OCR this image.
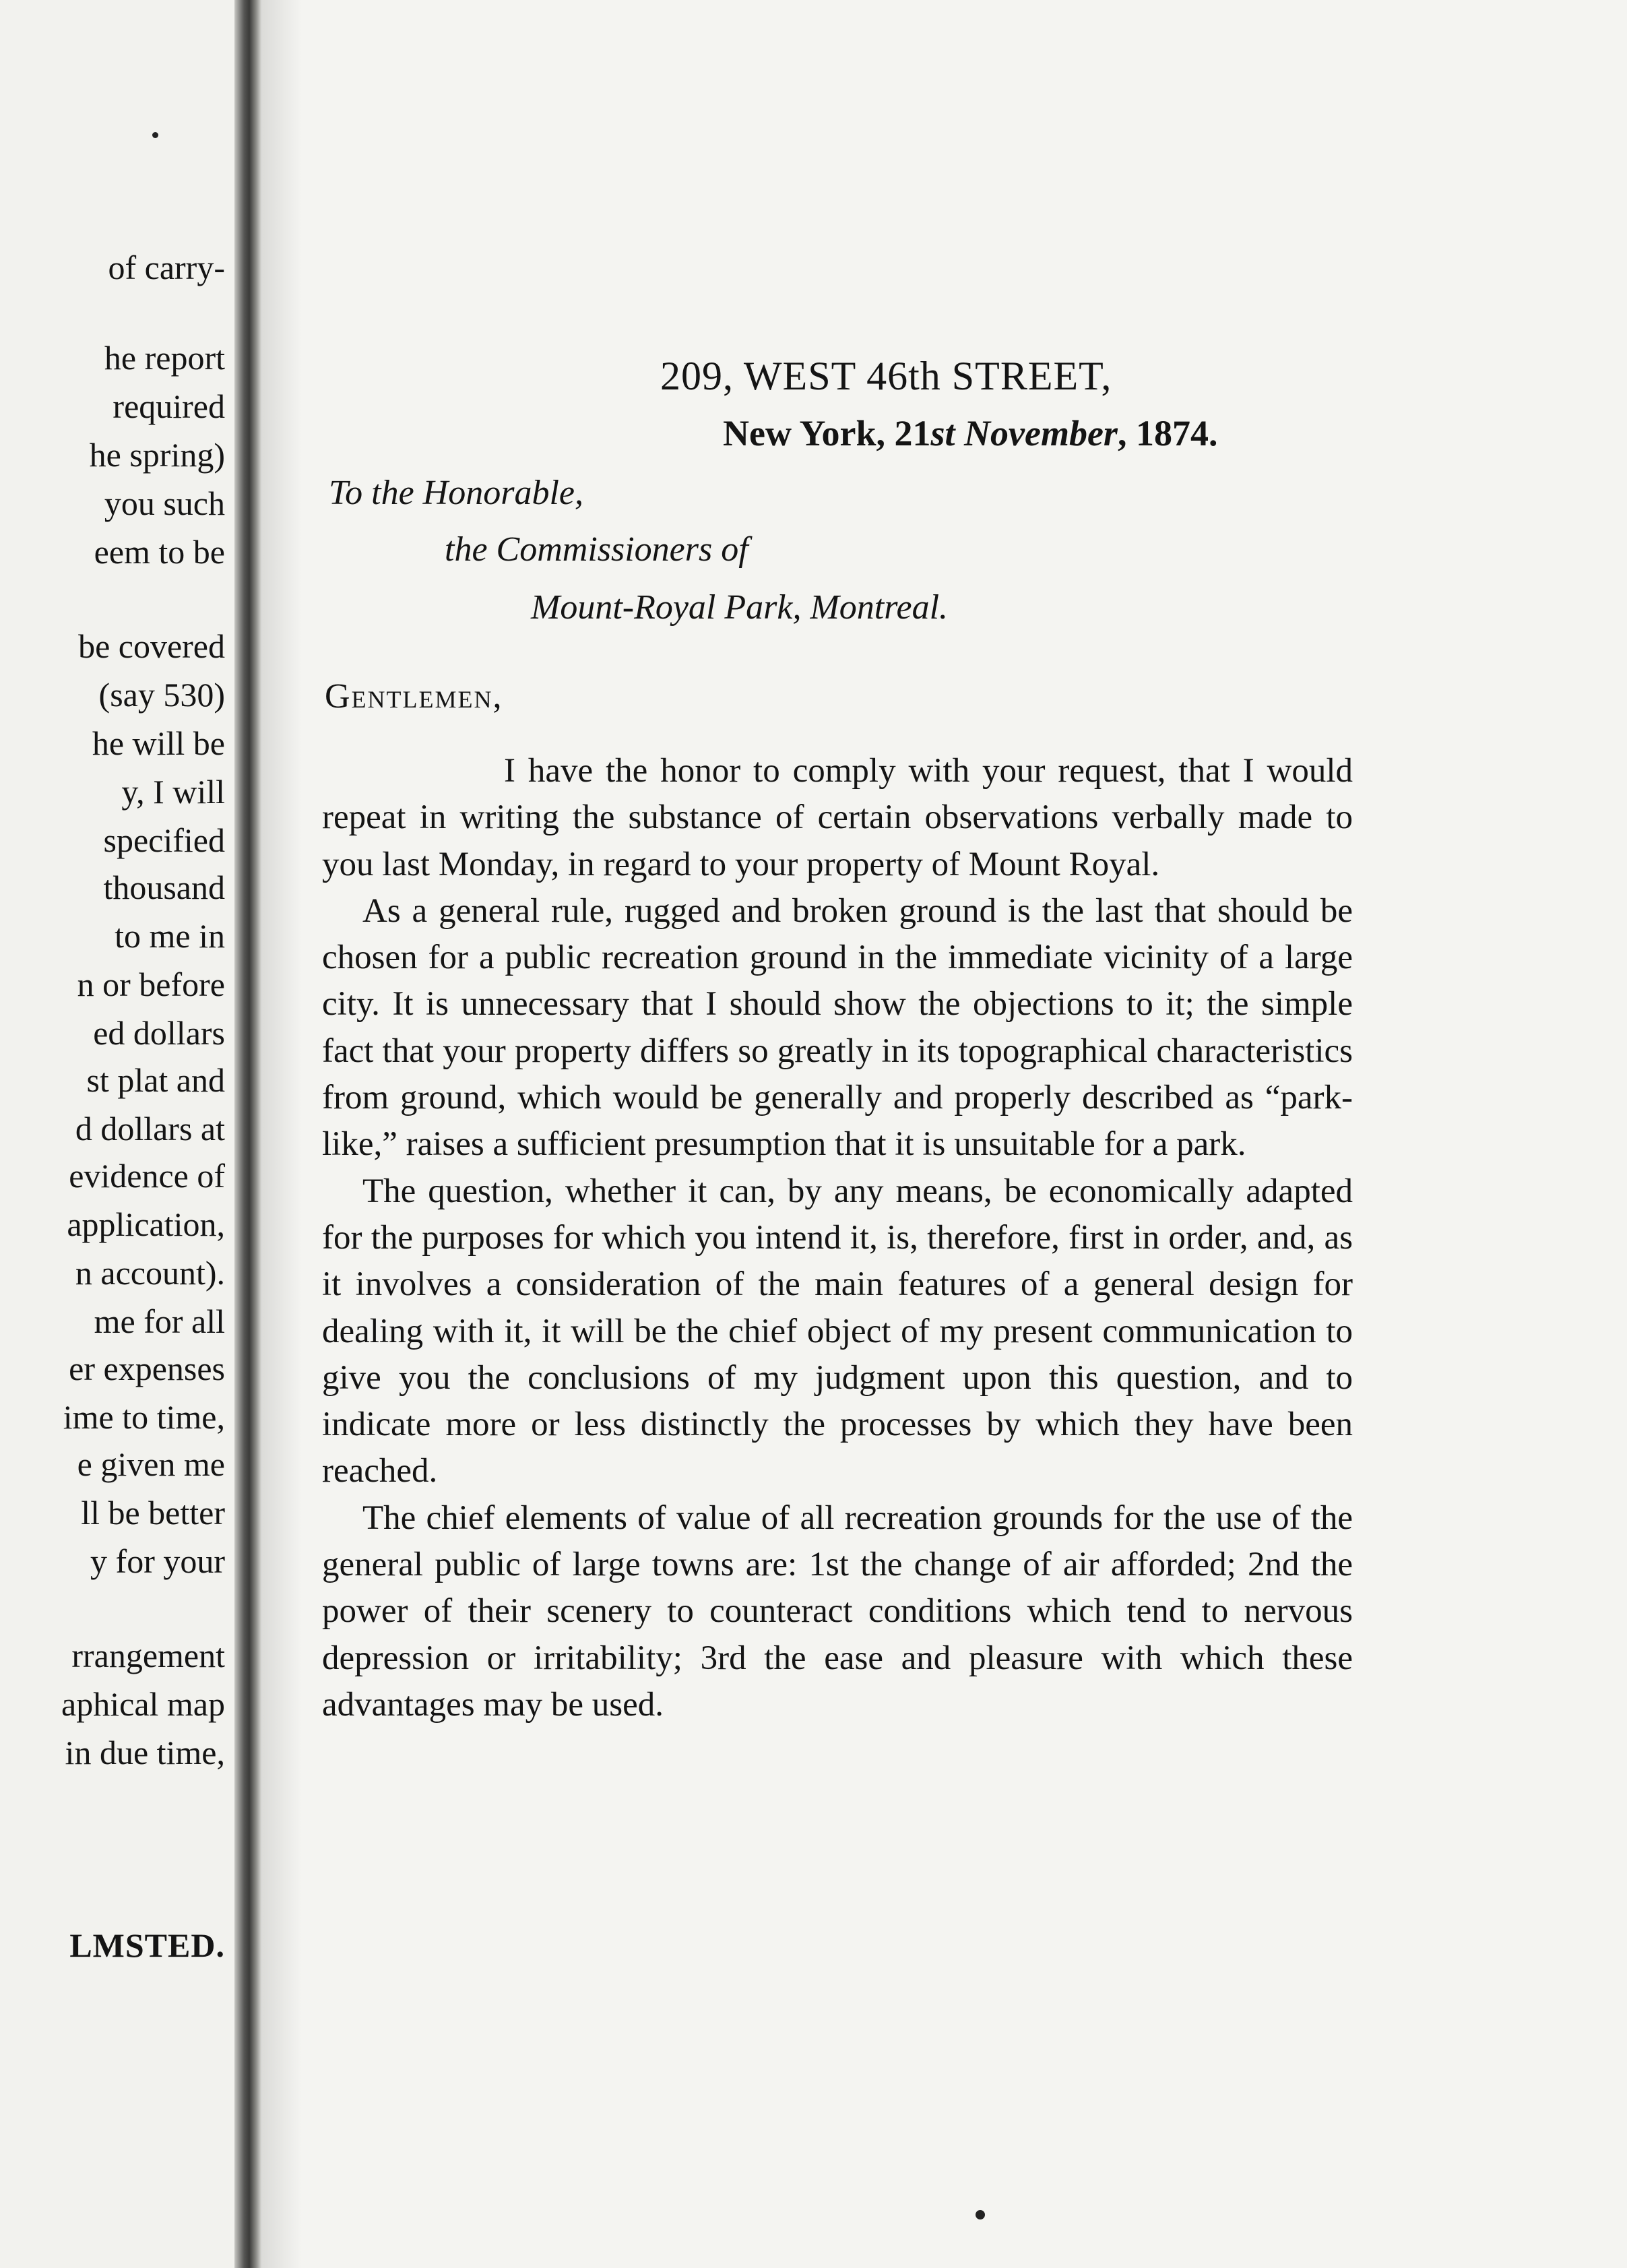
of carry-
he report
required
he spring)
you such
eem to be
be covered
(say 530)
he will be
y, I will
specified
thousand
to me in
n or before
ed dollars
st plat and
d dollars at
evidence of
application,
n account).
me for all
er expenses
ime to time,
e given me
ll be better
y for your
rrangement
aphical map
in due time,
LMSTED.
209, WEST 46th STREET,
New York, 21st November, 1874.
To the Honorable,
the Commissioners of
Mount-Royal Park, Montreal.
Gentlemen,

I have the honor to comply with your request, that I would repeat in writing the substance of certain observations verbally made to you last Monday, in regard to your property of Mount Royal.

As a general rule, rugged and broken ground is the last that should be chosen for a public recreation ground in the immediate vicinity of a large city. It is unnecessary that I should show the objections to it; the simple fact that your property differs so greatly in its topographical characteristics from ground, which would be generally and properly described as “park-like,” raises a sufficient presumption that it is unsuitable for a park.

The question, whether it can, by any means, be economically adapted for the purposes for which you intend it, is, therefore, first in order, and, as it involves a consideration of the main features of a general design for dealing with it, it will be the chief object of my present communication to give you the conclusions of my judgment upon this question, and to indicate more or less distinctly the processes by which they have been reached.

The chief elements of value of all recreation grounds for the use of the general public of large towns are: 1st the change of air afforded; 2nd the power of their scenery to counteract conditions which tend to nervous depression or irritability; 3rd the ease and pleasure with which these advantages may be used.
